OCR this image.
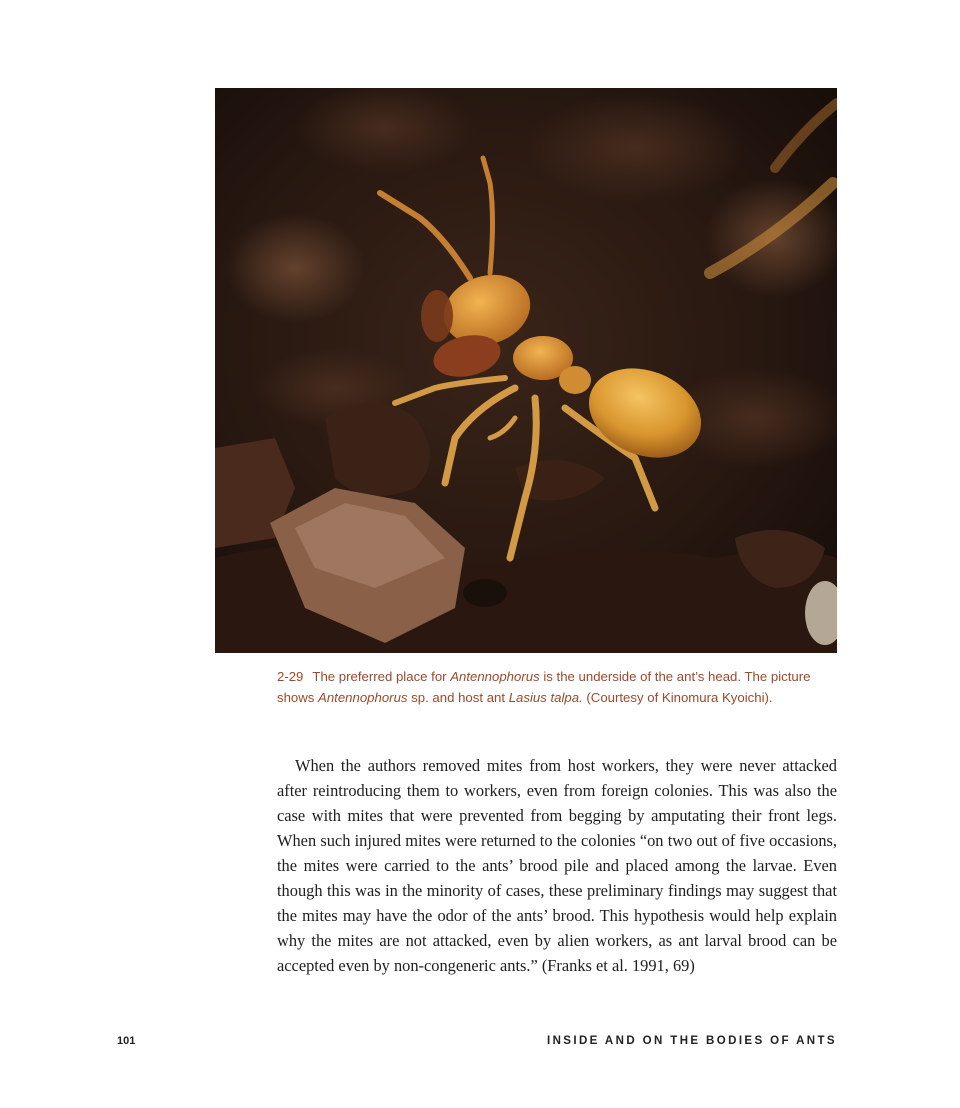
2-29 The preferred place for Antennophorus is the underside of the ant’s head. The picture shows Antennophorus sp. and host ant Lasius talpa. (Courtesy of Kinomura Kyoichi).

When the authors removed mites from host workers, they were never attacked after reintroducing them to workers, even from foreign colonies. This was also the case with mites that were prevented from begging by amputating their front legs. When such injured mites were returned to the colonies “on two out of five occasions, the mites were carried to the ants’ brood pile and placed among the larvae. Even though this was in the minority of cases, these preliminary findings may suggest that the mites may have the odor of the ants’ brood. This hypothesis would help explain why the mites are not attacked, even by alien workers, as ant larval brood can be accepted even by non-congeneric ants.” (Franks et al. 1991, 69)

101	INSIDE AND ON THE BODIES OF ANTS
